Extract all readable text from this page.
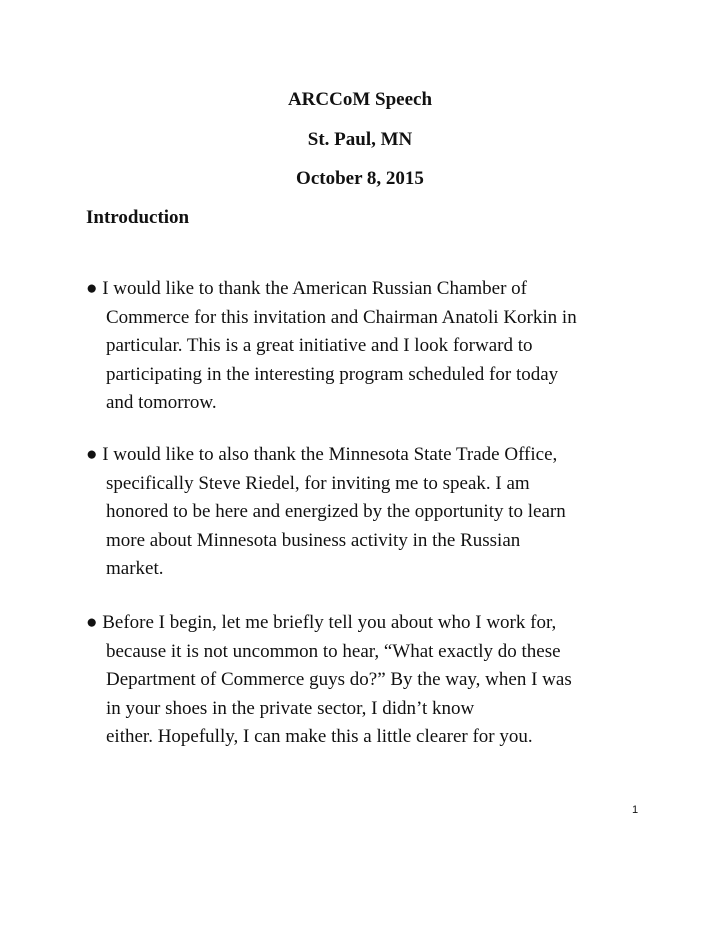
ARCCoM Speech
St. Paul, MN
October 8, 2015
Introduction
● I would like to thank the American Russian Chamber of
Commerce for this invitation and Chairman Anatoli Korkin in
particular. This is a great initiative and I look forward to
participating in the interesting program scheduled for today
and tomorrow.
● I would like to also thank the Minnesota State Trade Office,
specifically Steve Riedel, for inviting me to speak. I am
honored to be here and energized by the opportunity to learn
more about Minnesota business activity in the Russian
market.
● Before I begin, let me briefly tell you about who I work for,
because it is not uncommon to hear, “What exactly do these
Department of Commerce guys do?” By the way, when I was
in your shoes in the private sector, I didn’t know
either. Hopefully, I can make this a little clearer for you.
1
